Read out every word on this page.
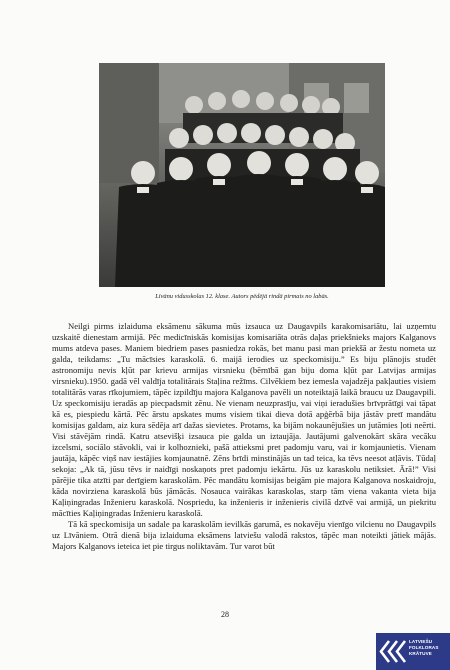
Līvānu vidusskolas 12. klase. Autors pēdējā rindā pirmais no labās.

Neilgi pirms izlaiduma eksāmenu sākuma mūs izsauca uz Daugavpils karakomisariātu, lai uzņemtu uzskaitē dienestam armijā. Pēc medicīniskās komisijas komisariāta otrās daļas priekšnieks majors Kalganovs mums atdeva pases. Maniem biedriem pases pasniedza rokās, bet manu pasi man priekšā ar žestu nometa uz galda, teikdams: „Tu mācīsies karaskolā. 6. maijā ierodies uz speckomisiju.” Es biju plānojis studēt astronomiju nevis kļūt par krievu armijas virsnieku (bērnībā gan biju doma kļūt par Latvijas armijas virsnieku).1950. gadā vēl valdīja totalitārais Staļina režīms. Cilvēkiem bez iemesla vajadzēja pakļauties visiem totalitārās varas rīkojumiem, tāpēc izpildīju majora Kalganova pavēli un noteiktajā laikā braucu uz Daugavpili. Uz speckomisiju ieradās ap piecpadsmit zēnu. Ne vienam neuzprasīju, vai viņi ieradušies brīvprātīgi vai tāpat kā es, piespiedu kārtā. Pēc ārstu apskates mums visiem tikai dieva dotā apģērbā bija jāstāv pretī mandātu komisijas galdam, aiz kura sēdēja arī dažas sievietes. Protams, ka bijām nokaunējušies un jutāmies ļoti neērti. Visi stāvējām rindā. Katru atsevišķi izsauca pie galda un iztaujāja. Jautājumi galvenokārt skāra vecāku izcelsmi, sociālo stāvokli, vai ir kolhoznieki, pašā attieksmi pret padomju varu, vai ir komjaunietis. Vienam jautāja, kāpēc viņš nav iestājies komjaunatnē. Zēns brīdi minstinājās un tad teica, ka tēvs neesot atļāvis. Tūdaļ sekoja: „Ak tā, jūsu tēvs ir naidīgi noskaņots pret padomju iekārtu. Jūs uz karaskolu netiksiet. Ārā!” Visi pārējie tika atzīti par derīgiem karaskolām. Pēc mandātu komisijas beigām pie majora Kalganova noskaidroju, kāda novirziena karaskolā būs jāmācās. Nosauca vairākas karaskolas, starp tām viena vakanta vieta bija Kaļiņingradas Inženieru karaskolā. Nospriedu, ka inženieris ir inženieris civilā dzīvē vai armijā, un piekritu mācīties Kaļiņingradas Inženieru karaskolā.

Tā kā speckomisija un sadale pa karaskolām ievilkās garumā, es nokavēju vienīgo vilcienu no Daugavpils uz Līvāniem. Otrā dienā bija izlaiduma eksāmens latviešu valodā rakstos, tāpēc man noteikti jātiek mājās. Majors Kalganovs ieteica iet pie tirgus noliktavām. Tur varot būt

28
LATVIEŠU
FOLKLORAS
KRĀTUVE
